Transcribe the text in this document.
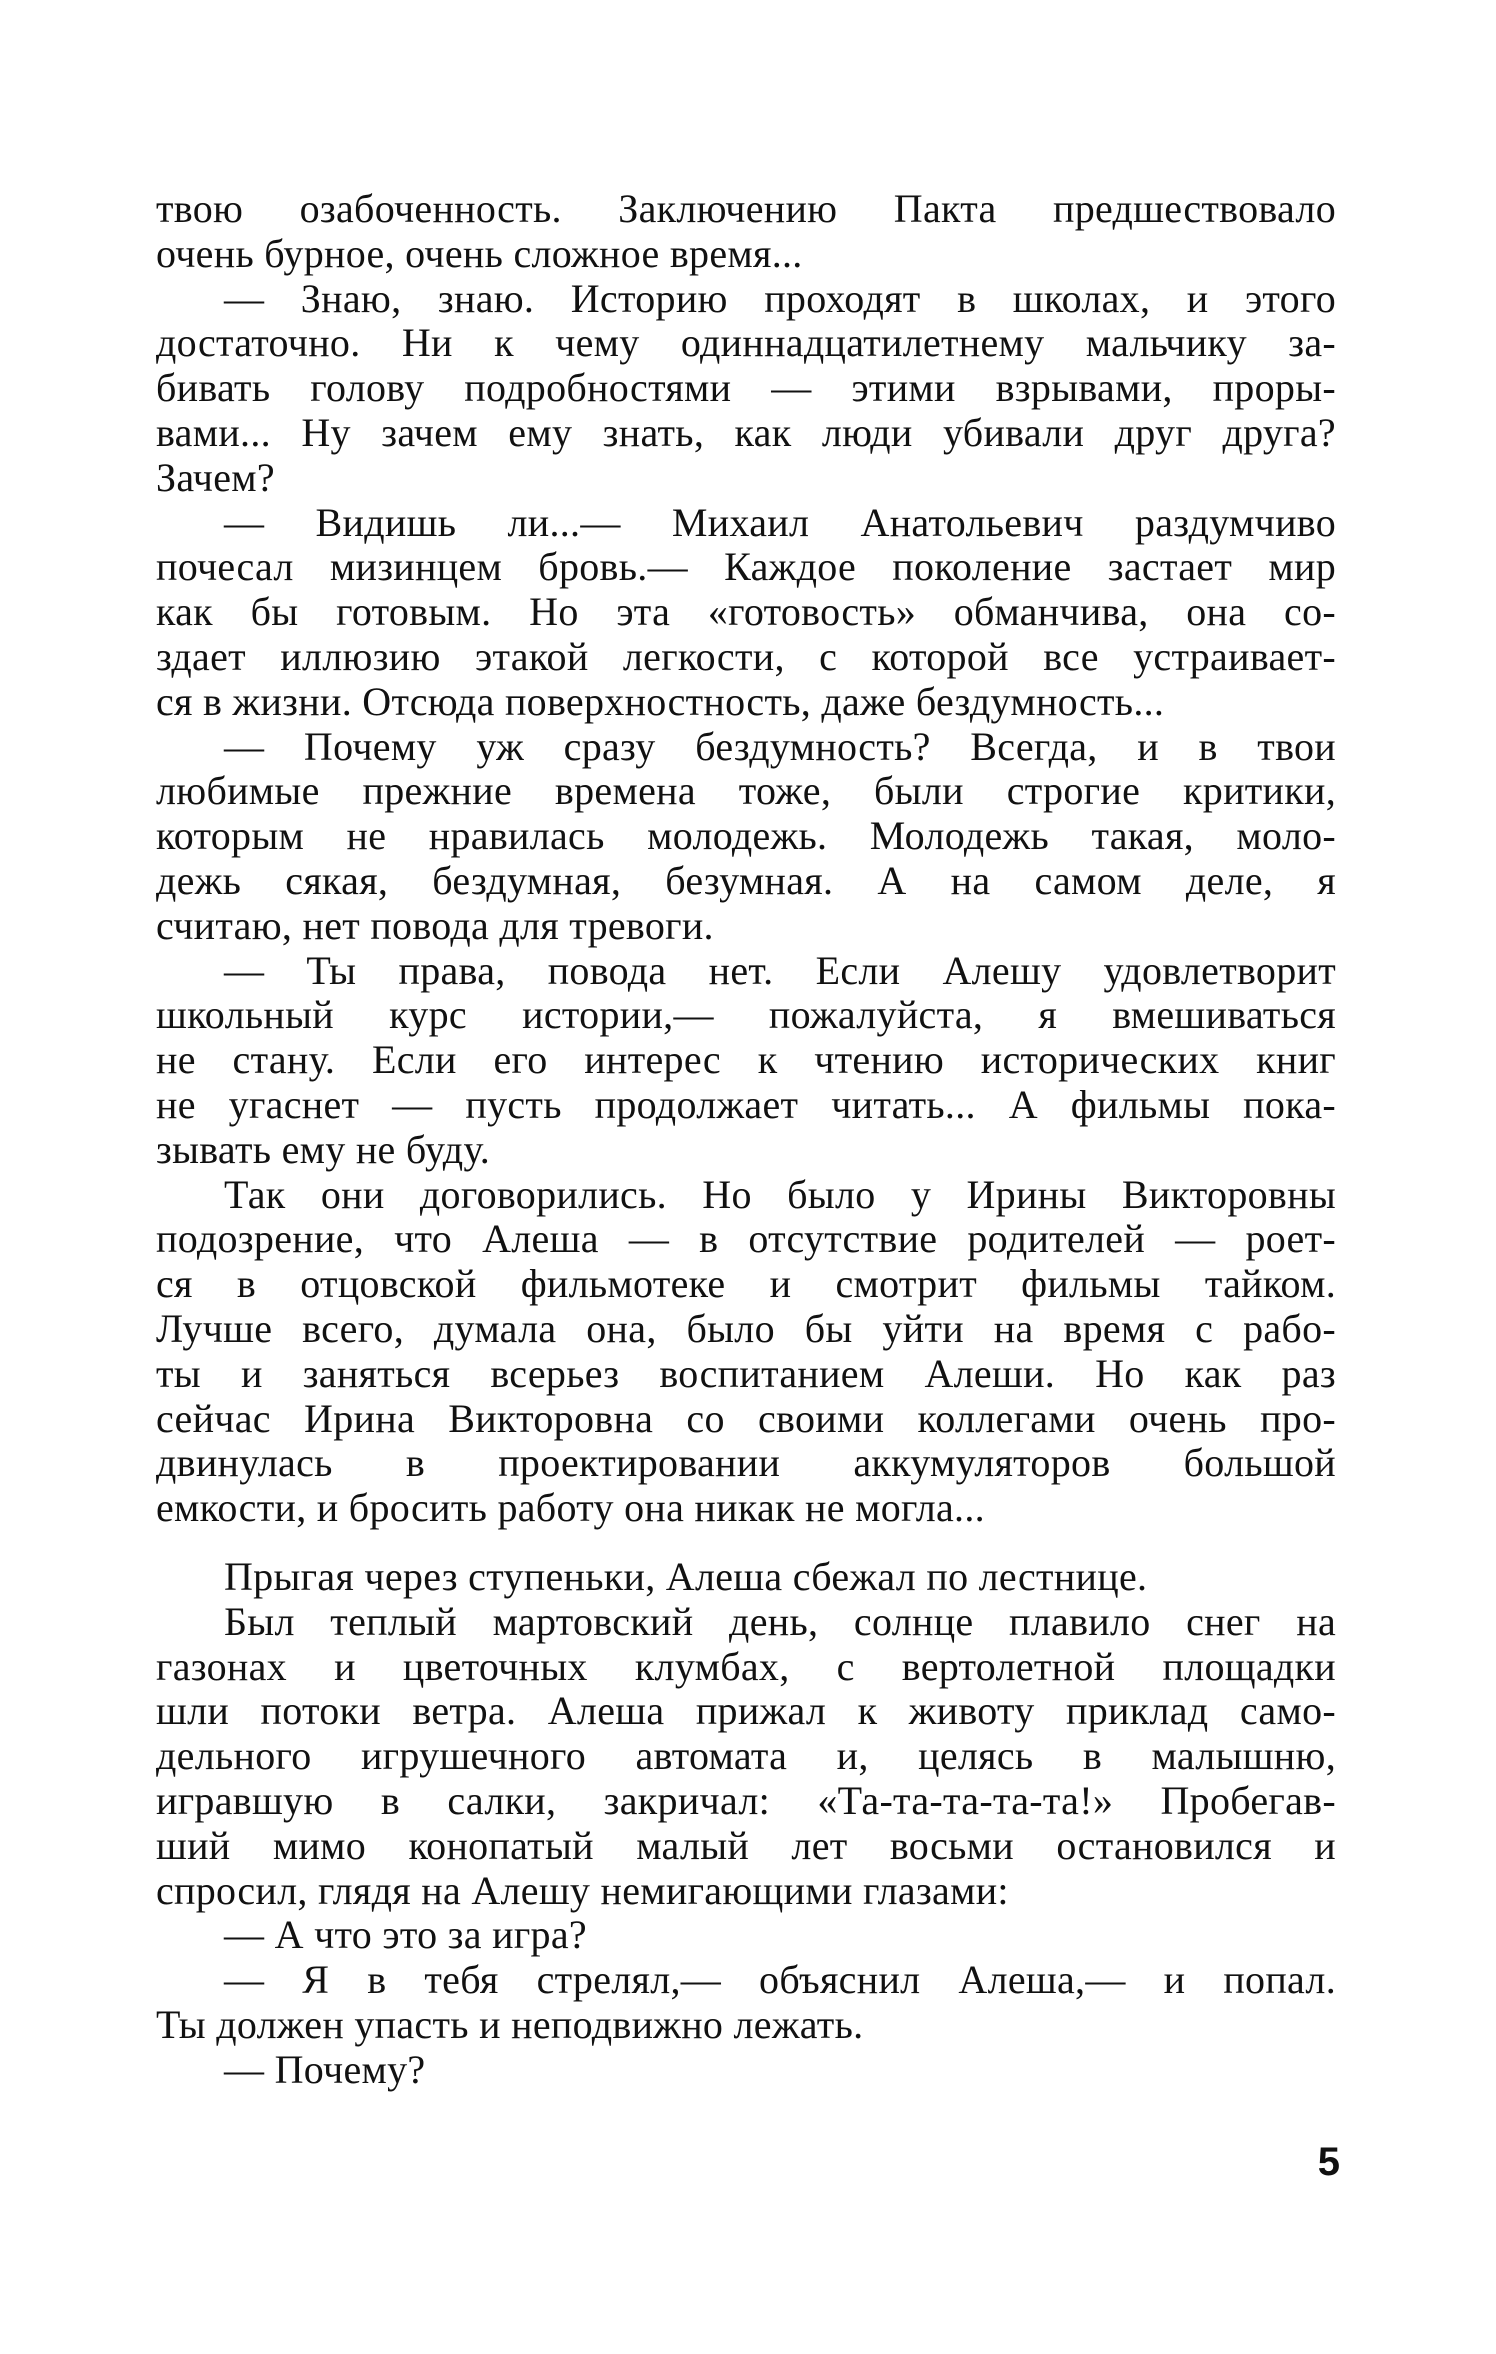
твою озабоченность. Заключению Пакта предшествовало
очень бурное, очень сложное время...
— Знаю, знаю. Историю проходят в школах, и этого
достаточно. Ни к чему одиннадцатилетнему мальчику за-
бивать голову подробностями — этими взрывами, проры-
вами... Ну зачем ему знать, как люди убивали друг друга?
Зачем?
— Видишь ли...— Михаил Анатольевич раздумчиво
почесал мизинцем бровь.— Каждое поколение застает мир
как бы готовым. Но эта «готовость» обманчива, она со-
здает иллюзию этакой легкости, с которой все устраивает-
ся в жизни. Отсюда поверхностность, даже бездумность...
— Почему уж сразу бездумность? Всегда, и в твои
любимые прежние времена тоже, были строгие критики,
которым не нравилась молодежь. Молодежь такая, моло-
дежь сякая, бездумная, безумная. А на самом деле, я
считаю, нет повода для тревоги.
— Ты права, повода нет. Если Алешу удовлетворит
школьный курс истории,— пожалуйста, я вмешиваться
не стану. Если его интерес к чтению исторических книг
не угаснет — пусть продолжает читать... А фильмы пока-
зывать ему не буду.
Так они договорились. Но было у Ирины Викторовны
подозрение, что Алеша — в отсутствие родителей — роет-
ся в отцовской фильмотеке и смотрит фильмы тайком.
Лучше всего, думала она, было бы уйти на время с рабо-
ты и заняться всерьез воспитанием Алеши. Но как раз
сейчас Ирина Викторовна со своими коллегами очень про-
двинулась в проектировании аккумуляторов большой
емкости, и бросить работу она никак не могла...
Прыгая через ступеньки, Алеша сбежал по лестнице.
Был теплый мартовский день, солнце плавило снег на
газонах и цветочных клумбах, с вертолетной площадки
шли потоки ветра. Алеша прижал к животу приклад само-
дельного игрушечного автомата и, целясь в малышню,
игравшую в салки, закричал: «Та-та-та-та-та!» Пробегав-
ший мимо конопатый малый лет восьми остановился и
спросил, глядя на Алешу немигающими глазами:
— А что это за игра?
— Я в тебя стрелял,— объяснил Алеша,— и попал.
Ты должен упасть и неподвижно лежать.
— Почему?
5
